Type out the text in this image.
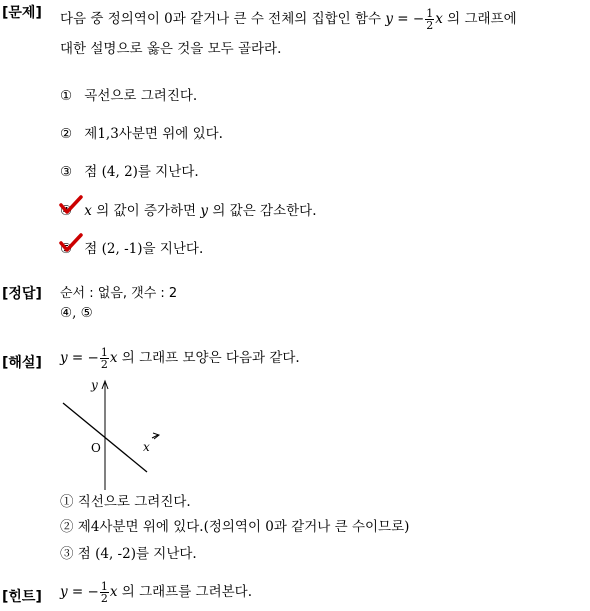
[문제] 다음 중 정의역이 0과 같거나 큰 수 전체의 집합인 함수 y = − $\frac{1}{2}$ x 의 그래프에
대한 설명으로 옳은 것을 모두 골라라.
① 곡선으로 그려진다.
② 제1,3사분면 위에 있다.
③ 점 (4, 2)를 지난다.
④ x 의 값이 증가하면 y 의 값은 감소한다.
⑤ 점 (2, -1)을 지난다.
[정답] 순서 : 없음, 갯수 : 2
④, ⑤
[해설] y = − $\frac{1}{2}$ x 의 그래프 모양은 다음과 같다.
y
x
O
① 직선으로 그려진다.
② 제4사분면 위에 있다.(정의역이 0과 같거나 큰 수이므로)
③ 점 (4, -2)를 지난다.
[힌트] y = − $\frac{1}{2}$ x 의 그래프를 그려본다.
